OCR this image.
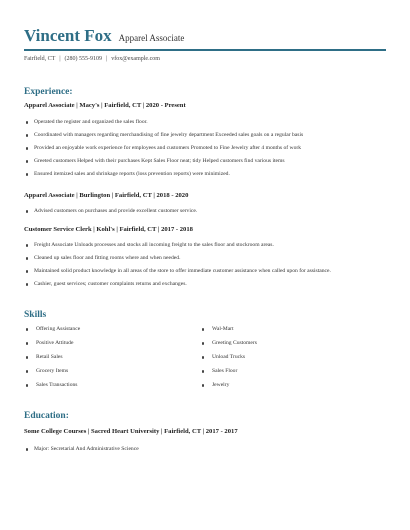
Vincent Fox Apparel Associate
Fairfield, CT | (280) 555-9109 | vfox@example.com
Experience:
Apparel Associate | Macy's | Fairfield, CT | 2020 - Present
Operated the register and organized the sales floor.
Coordinated with managers regarding merchandising of fine jewelry department Exceeded sales goals on a regular basis
Provided an enjoyable work experience for employees and customers Promoted to Fine Jewelry after 4 months of work
Greeted customers Helped with their purchases Kept Sales Floor neat; tidy Helped customers find various items
Ensured itemized sales and shrinkage reports (loss prevention reports) were minimized.
Apparel Associate | Burlington | Fairfield, CT | 2018 - 2020
Advised customers on purchases and provide excellent customer service.
Customer Service Clerk | Kohl's | Fairfield, CT | 2017 - 2018
Freight Associate Unloads processes and stocks all incoming freight to the sales floor and stockroom areas.
Cleaned up sales floor and fitting rooms where and when needed.
Maintained solid product knowledge in all areas of the store to offer immediate customer assistance when called upon for assistance.
Cashier, guest services; customer complaints returns and exchanges.
Skills
Offering Assistance
Positive Attitude
Retail Sales
Grocery Items
Sales Transactions
Wal-Mart
Greeting Customers
Unload Trucks
Sales Floor
Jewelry
Education:
Some College Courses | Sacred Heart University | Fairfield, CT | 2017 - 2017
Major: Secretarial And Administrative Science
